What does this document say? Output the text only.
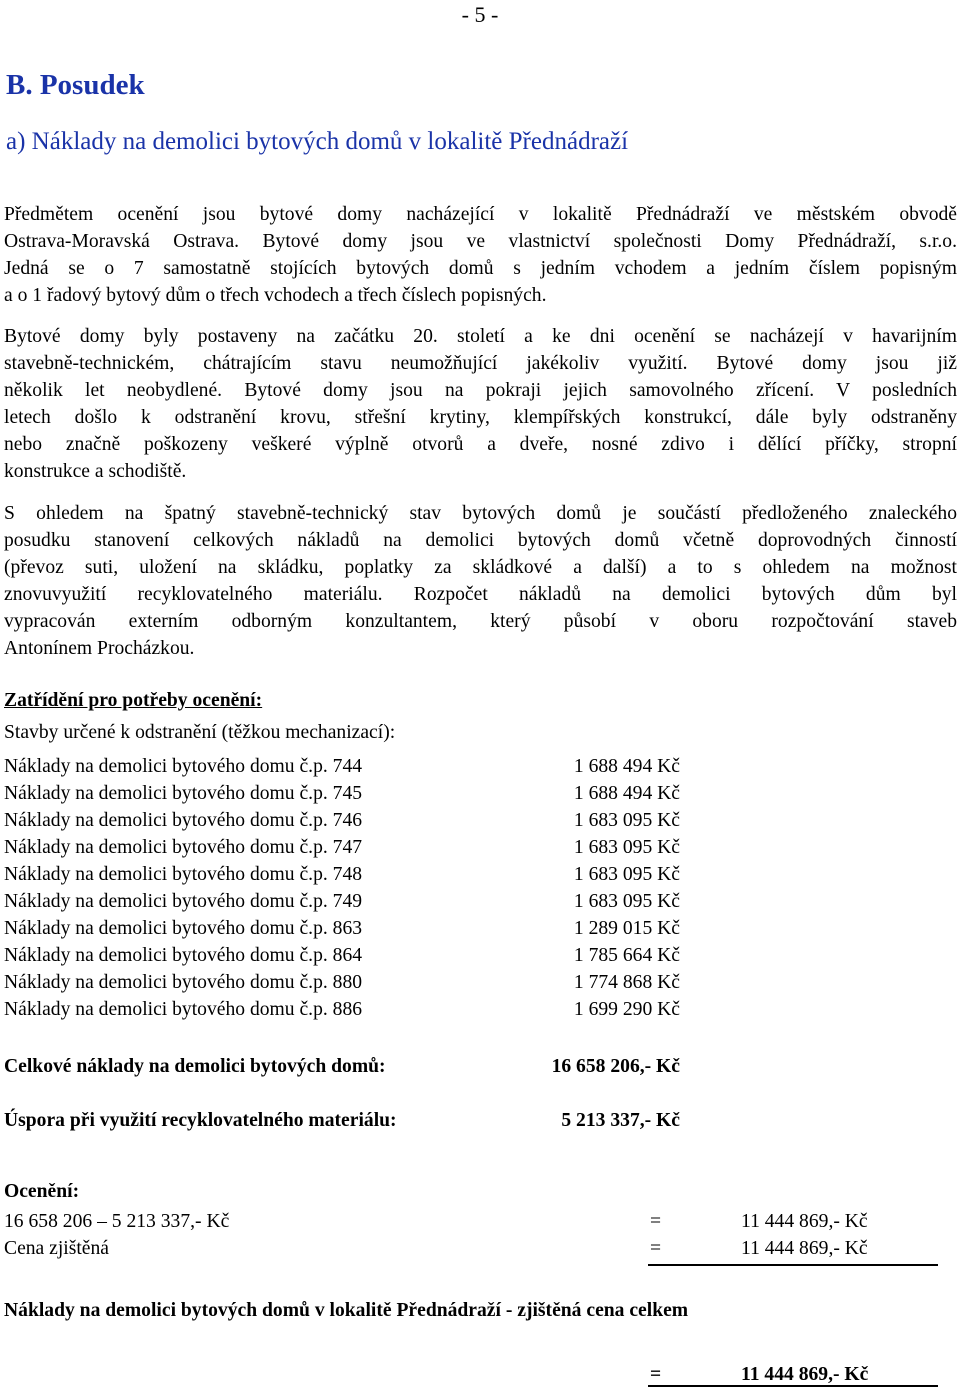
- 5 -
B. Posudek
a) Náklady na demolici bytových domů v lokalitě Přednádraží
Předmětem ocenění jsou bytové domy nacházející v lokalitě Přednádraží ve městském obvodě
Ostrava-Moravská Ostrava. Bytové domy jsou ve vlastnictví společnosti Domy Přednádraží, s.r.o.
Jedná se o 7 samostatně stojících bytových domů s jedním vchodem a jedním číslem popisným
a o 1 řadový bytový dům o třech vchodech a třech číslech popisných.
Bytové domy byly postaveny na začátku 20. století a ke dni ocenění se nacházejí v havarijním
stavebně-technickém, chátrajícím stavu neumožňující jakékoliv využití. Bytové domy jsou již
několik let neobydlené. Bytové domy jsou na pokraji jejich samovolného zřícení. V posledních
letech došlo k odstranění krovu, střešní krytiny, klempířských konstrukcí, dále byly odstraněny
nebo značně poškozeny veškeré výplně otvorů a dveře, nosné zdivo i dělící příčky, stropní
konstrukce a schodiště.
S ohledem na špatný stavebně-technický stav bytových domů je součástí předloženého znaleckého
posudku stanovení celkových nákladů na demolici bytových domů včetně doprovodných činností
(převoz suti, uložení na skládku, poplatky za skládkové a další) a to s ohledem na možnost
znovuvyužití recyklovatelného materiálu. Rozpočet nákladů na demolici bytových dům byl
vypracován externím odborným konzultantem, který působí v oboru rozpočtování staveb
Antonínem Procházkou.
Zatřídění pro potřeby ocenění:
Stavby určené k odstranění (těžkou mechanizací):
Náklady na demolici bytového domu č.p. 744	1 688 494 Kč
Náklady na demolici bytového domu č.p. 745	1 688 494 Kč
Náklady na demolici bytového domu č.p. 746	1 683 095 Kč
Náklady na demolici bytového domu č.p. 747	1 683 095 Kč
Náklady na demolici bytového domu č.p. 748	1 683 095 Kč
Náklady na demolici bytového domu č.p. 749	1 683 095 Kč
Náklady na demolici bytového domu č.p. 863	1 289 015 Kč
Náklady na demolici bytového domu č.p. 864	1 785 664 Kč
Náklady na demolici bytového domu č.p. 880	1 774 868 Kč
Náklady na demolici bytového domu č.p. 886	1 699 290 Kč
Celkové náklady na demolici bytových domů:	16 658 206,- Kč
Úspora při využití recyklovatelného materiálu:	5 213 337,- Kč
Ocenění:
16 658 206 – 5 213 337,- Kč	=	11 444 869,- Kč
Cena zjištěná	=	11 444 869,- Kč
Náklady na demolici bytových domů v lokalitě Přednádraží - zjištěná cena celkem
=	11 444 869,- Kč
